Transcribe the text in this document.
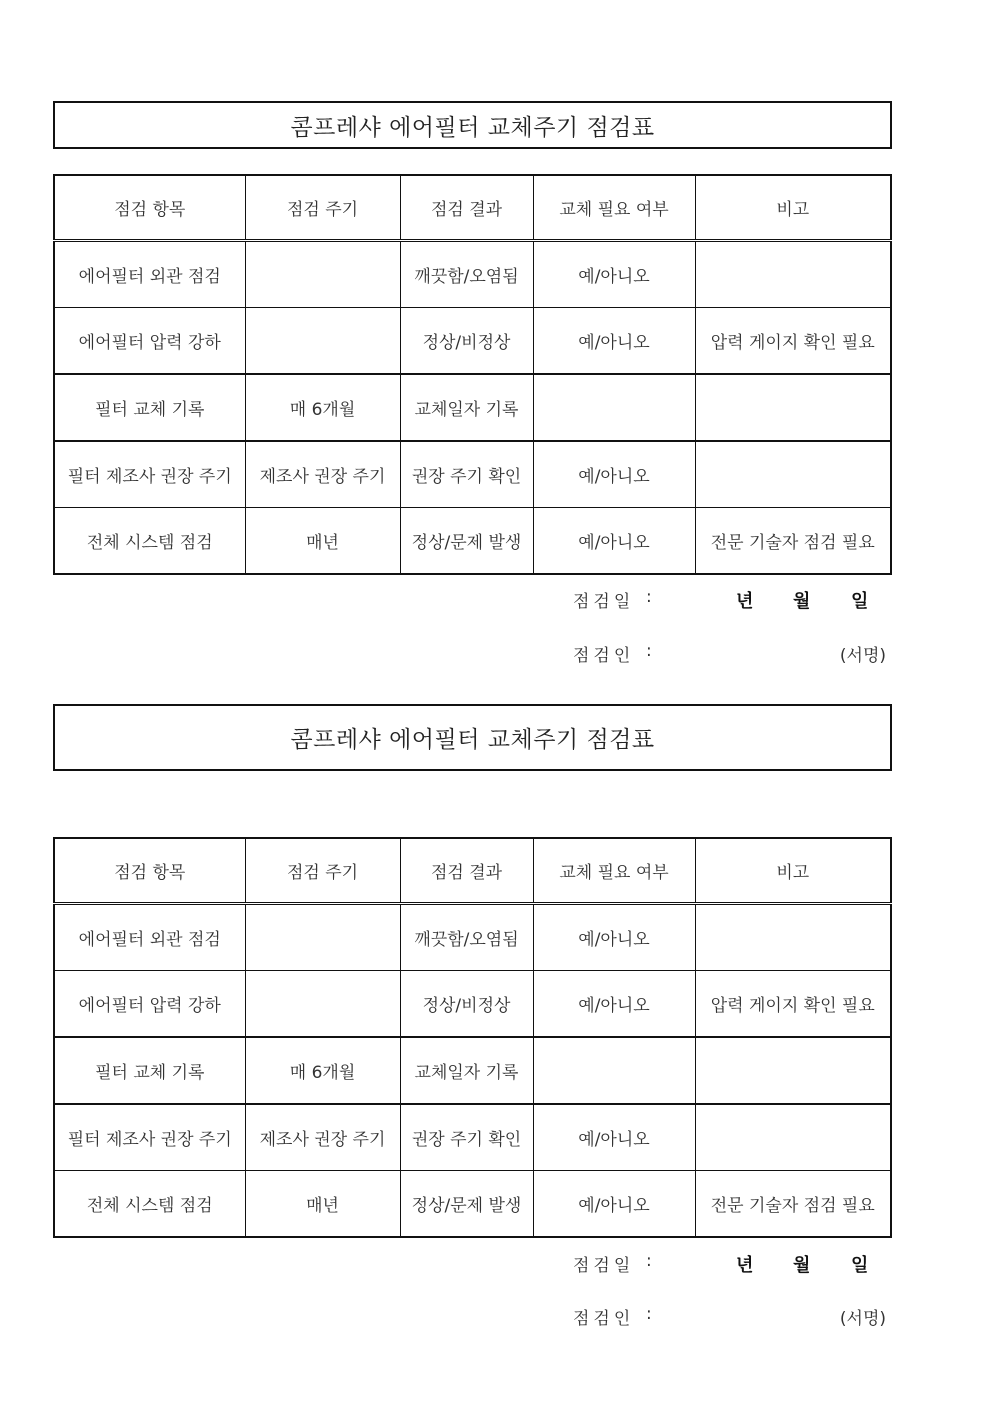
콤프레샤 에어필터 교체주기 점검표
점검 항목	점검 주기	점검 결과	교체 필요 여부	비고
에어필터 외관 점검		깨끗함/오염됨	예/아니오	
에어필터 압력 강하		정상/비정상	예/아니오	압력 게이지 확인 필요
필터 교체 기록	매 6개월	교체일자 기록		
필터 제조사 권장 주기	제조사 권장 주기	권장 주기 확인	예/아니오	
전체 시스템 점검	매년	정상/문제 발생	예/아니오	전문 기술자 점검 필요
점검일 :	년 월 일
점검인 :	(서명)
콤프레샤 에어필터 교체주기 점검표
점검 항목	점검 주기	점검 결과	교체 필요 여부	비고
에어필터 외관 점검		깨끗함/오염됨	예/아니오	
에어필터 압력 강하		정상/비정상	예/아니오	압력 게이지 확인 필요
필터 교체 기록	매 6개월	교체일자 기록		
필터 제조사 권장 주기	제조사 권장 주기	권장 주기 확인	예/아니오	
전체 시스템 점검	매년	정상/문제 발생	예/아니오	전문 기술자 점검 필요
점검일 :	년 월 일
점검인 :	(서명)
